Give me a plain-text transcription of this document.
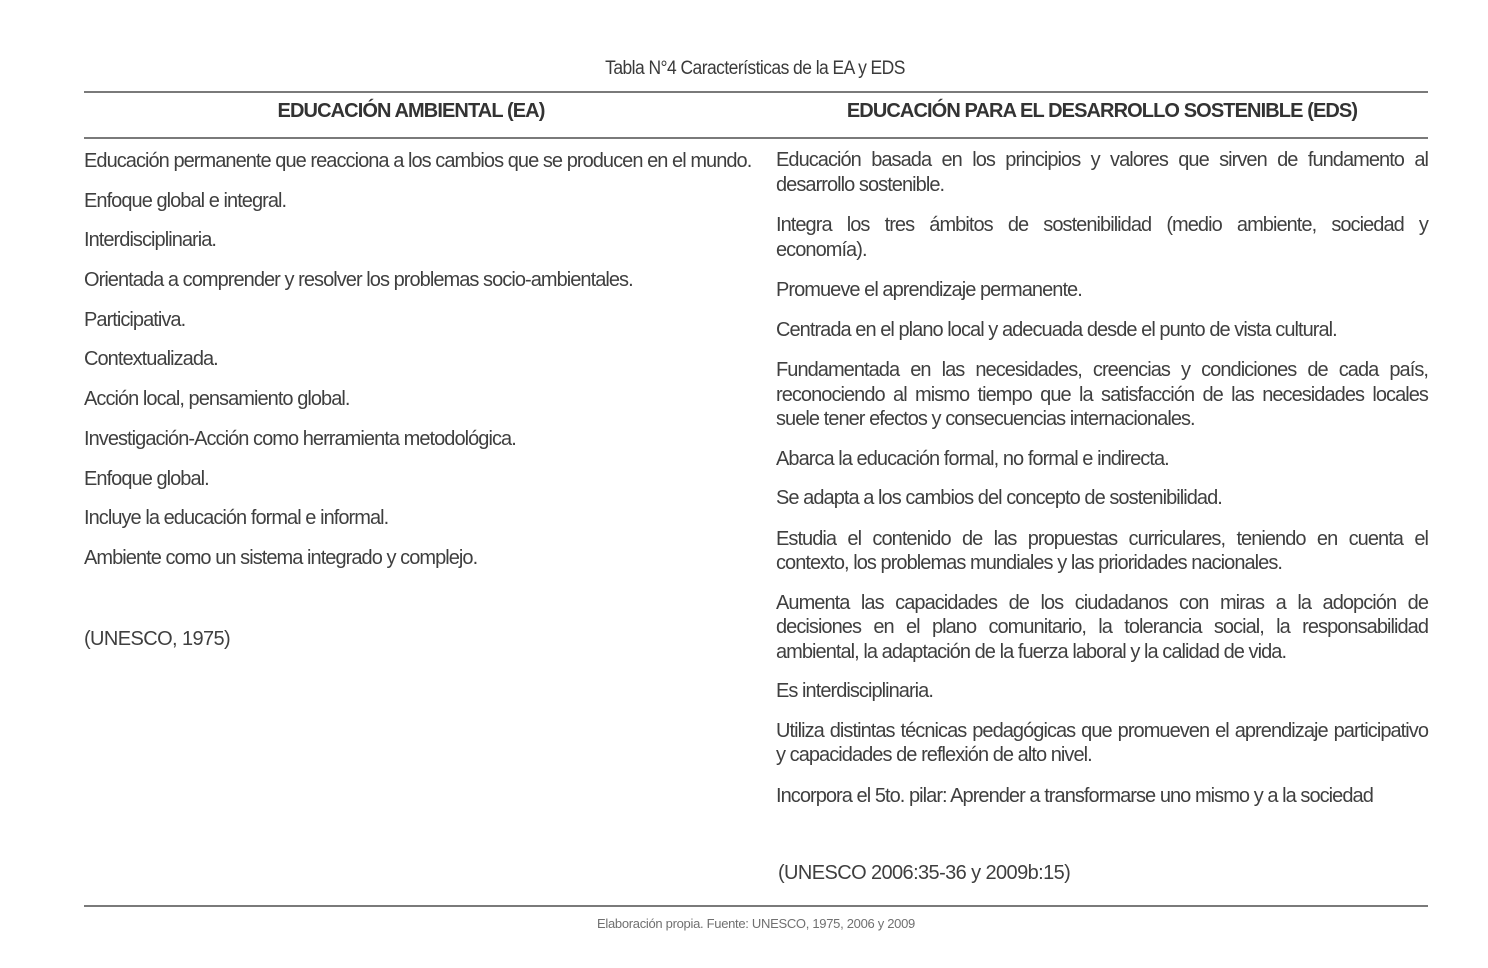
Tabla N°4 Características de la EA y EDS
EDUCACIÓN AMBIENTAL (EA)	EDUCACIÓN PARA EL DESARROLLO SOSTENIBLE (EDS)
Educación permanente que reacciona a los cambios que se producen en el mundo.
Enfoque global e integral.
Interdisciplinaria.
Orientada a comprender y resolver los problemas socio-ambientales.
Participativa.
Contextualizada.
Acción local, pensamiento global.
Investigación-Acción como herramienta metodológica.
Enfoque global.
Incluye la educación formal e informal.
Ambiente como un sistema integrado y complejo.
(UNESCO, 1975)
Educación basada en los principios y valores que sirven de fundamento al desarrollo sostenible.
Integra los tres ámbitos de sostenibilidad (medio ambiente, sociedad y economía).
Promueve el aprendizaje permanente.
Centrada en el plano local y adecuada desde el punto de vista cultural.
Fundamentada en las necesidades, creencias y condiciones de cada país, reconociendo al mismo tiempo que la satisfacción de las necesidades locales suele tener efectos y consecuencias internacionales.
Abarca la educación formal, no formal e indirecta.
Se adapta a los cambios del concepto de sostenibilidad.
Estudia el contenido de las propuestas curriculares, teniendo en cuenta el contexto, los problemas mundiales y las prioridades nacionales.
Aumenta las capacidades de los ciudadanos con miras a la adopción de decisiones en el plano comunitario, la tolerancia social, la responsabilidad ambiental, la adaptación de la fuerza laboral y la calidad de vida.
Es interdisciplinaria.
Utiliza distintas técnicas pedagógicas que promueven el aprendizaje participativo y capacidades de reflexión de alto nivel.
Incorpora el 5to. pilar: Aprender a transformarse uno mismo y a la sociedad
(UNESCO 2006:35-36 y 2009b:15)
Elaboración propia. Fuente: UNESCO, 1975, 2006 y 2009
